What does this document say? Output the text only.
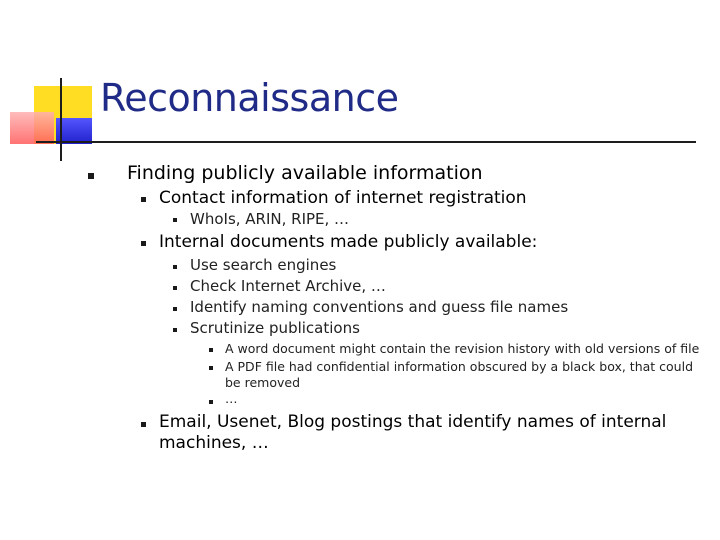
Reconnaissance
Finding publicly available information
Contact information of internet registration
WhoIs, ARIN, RIPE, …
Internal documents made publicly available:
Use search engines
Check Internet Archive, …
Identify naming conventions and guess file names
Scrutinize publications
A word document might contain the revision history with old versions of file
A PDF file had confidential information obscured by a black box, that could
be removed
…
Email, Usenet, Blog postings that identify names of internal
machines, …
